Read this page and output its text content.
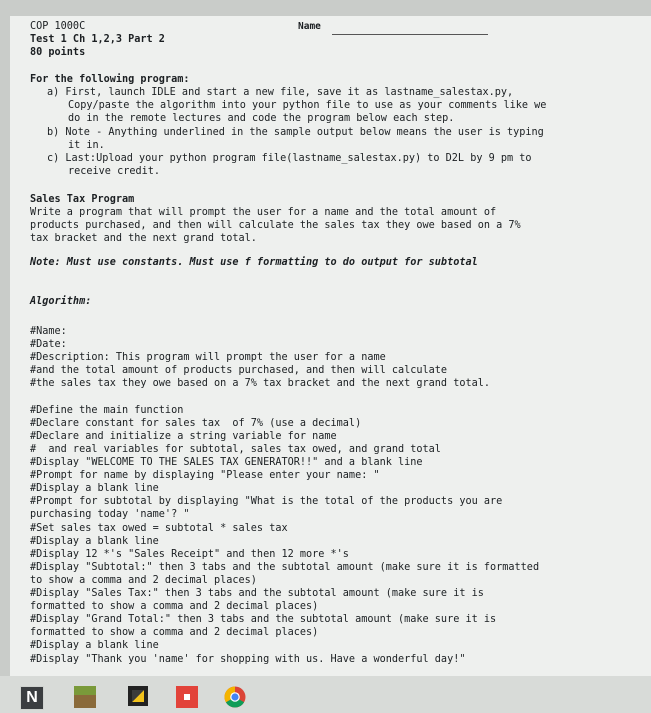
COP 1000C
Test 1 Ch 1,2,3 Part 2
80 points
Name
For the following program:
a) First, launch IDLE and start a new file, save it as lastname_salestax.py,
Copy/paste the algorithm into your python file to use as your comments like we
do in the remote lectures and code the program below each step.
b) Note - Anything underlined in the sample output below means the user is typing
it in.
c) Last:Upload your python program file(lastname_salestax.py) to D2L by 9 pm to
receive credit.
Sales Tax Program
Write a program that will prompt the user for a name and the total amount of
products purchased, and then will calculate the sales tax they owe based on a 7%
tax bracket and the next grand total.
Note: Must use constants. Must use f formatting to do output for subtotal
Algorithm:
#Name:
#Date:
#Description: This program will prompt the user for a name
#and the total amount of products purchased, and then will calculate
#the sales tax they owe based on a 7% tax bracket and the next grand total.
#Define the main function
#Declare constant for sales tax  of 7% (use a decimal)
#Declare and initialize a string variable for name
#  and real variables for subtotal, sales tax owed, and grand total
#Display "WELCOME TO THE SALES TAX GENERATOR!!" and a blank line
#Prompt for name by displaying "Please enter your name: "
#Display a blank line
#Prompt for subtotal by displaying "What is the total of the products you are
purchasing today 'name'? "
#Set sales tax owed = subtotal * sales tax
#Display a blank line
#Display 12 *'s "Sales Receipt" and then 12 more *'s
#Display "Subtotal:" then 3 tabs and the subtotal amount (make sure it is formatted
to show a comma and 2 decimal places)
#Display "Sales Tax:" then 3 tabs and the subtotal amount (make sure it is
formatted to show a comma and 2 decimal places)
#Display "Grand Total:" then 3 tabs and the subtotal amount (make sure it is
formatted to show a comma and 2 decimal places)
#Display a blank line
#Display "Thank you 'name' for shopping with us. Have a wonderful day!"
N
